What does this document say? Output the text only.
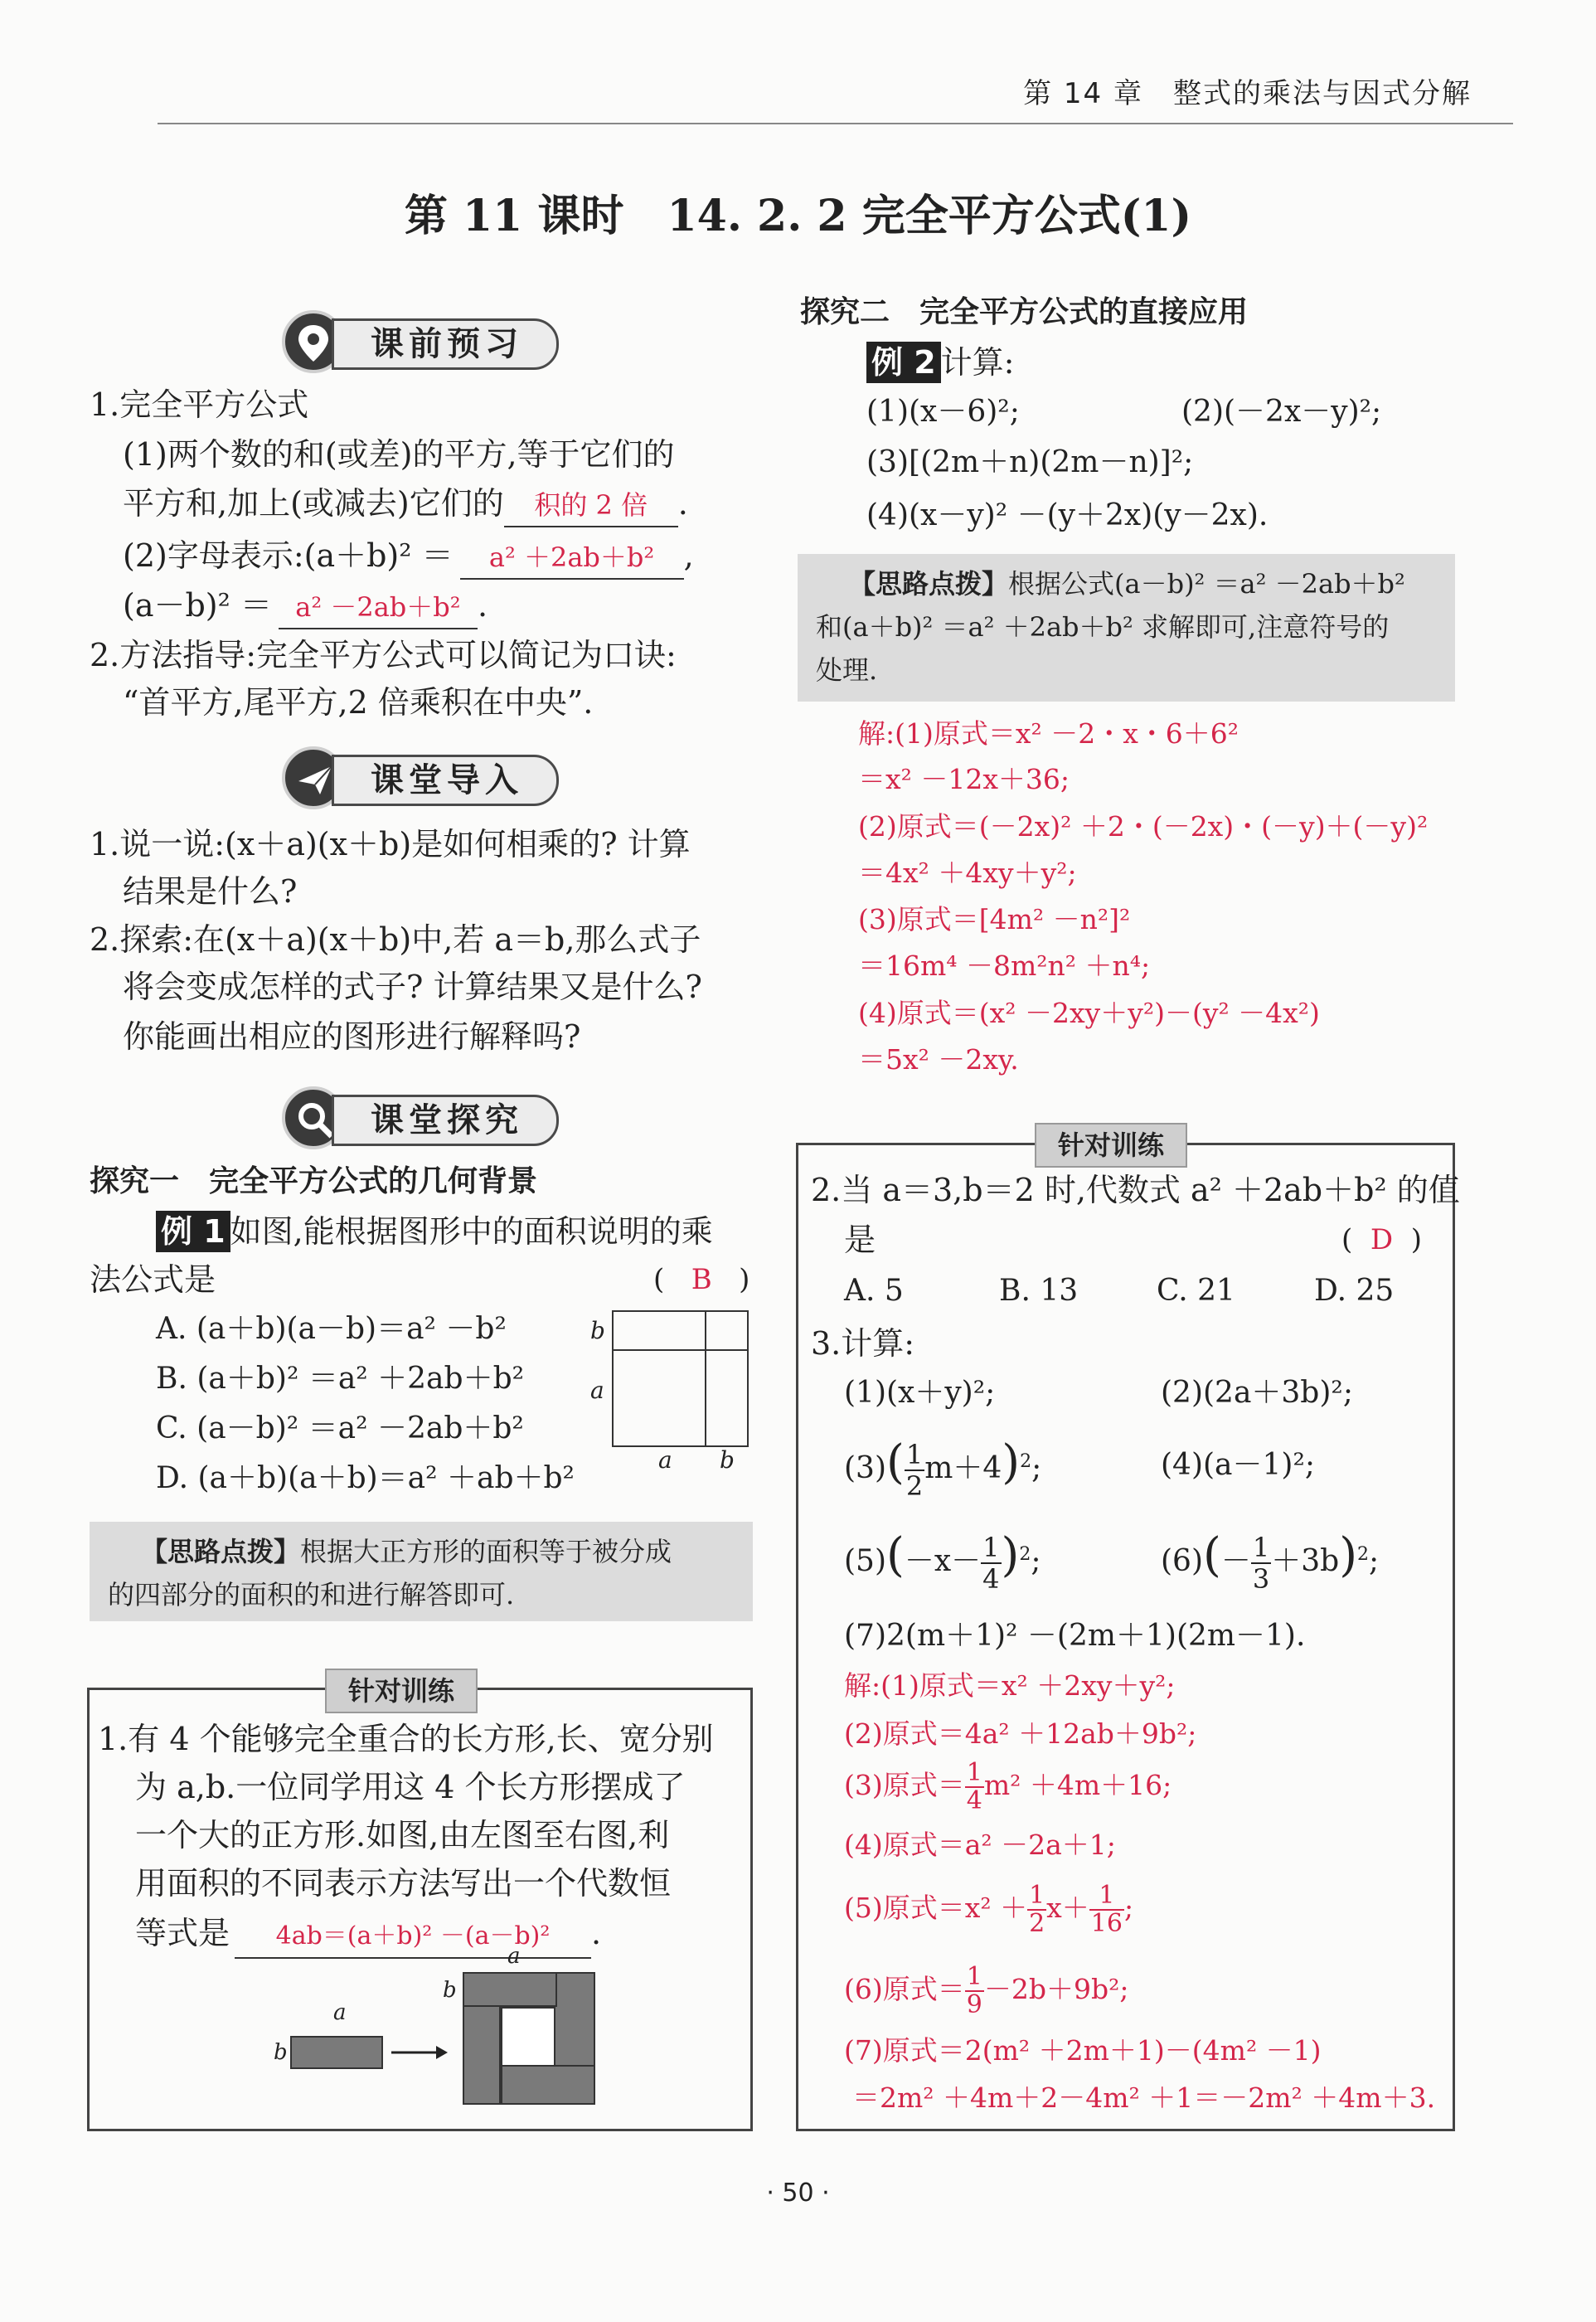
第 14 章　整式的乘法与因式分解
第 11 课时　14. 2. 2 完全平方公式(1)
课前预习
1.完全平方公式
(1)两个数的和(或差)的平方,等于它们的
平方和,加上(或减去)它们的 积的 2 倍 .
(2)字母表示:(a＋b)² ＝ a² ＋2ab＋b² ,
(a－b)² ＝ a² －2ab＋b² .
2.方法指导:完全平方公式可以简记为口诀:
“首平方,尾平方,2 倍乘积在中央”.
课堂导入
1.说一说:(x＋a)(x＋b)是如何相乘的? 计算
结果是什么?
2.探索:在(x＋a)(x＋b)中,若 a＝b,那么式子
将会变成怎样的式子? 计算结果又是什么?
你能画出相应的图形进行解释吗?
课堂探究
探究一　完全平方公式的几何背景
例 1 如图,能根据图形中的面积说明的乘
法公式是	(   B   )
A. (a＋b)(a－b)＝a² －b²
B. (a＋b)² ＝a² ＋2ab＋b²
C. (a－b)² ＝a² －2ab＋b²
D. (a＋b)(a＋b)＝a² ＋ab＋b²
b
a
a b
【思路点拨】根据大正方形的面积等于被分成
的四部分的面积的和进行解答即可.
针对训练
1.有 4 个能够完全重合的长方形,长、宽分别
为 a,b.一位同学用这 4 个长方形摆成了
一个大的正方形.如图,由左图至右图,利
用面积的不同表示方法写出一个代数恒
等式是 4ab＝(a＋b)² －(a－b)² .
a
b
a
b
探究二　完全平方公式的直接应用
例 2 计算:
(1)(x－6)²;	(2)(－2x－y)²;
(3)[(2m＋n)(2m－n)]²;
(4)(x－y)² －(y＋2x)(y－2x).
【思路点拨】根据公式(a－b)² ＝a² －2ab＋b²
和(a＋b)² ＝a² ＋2ab＋b² 求解即可,注意符号的
处理.
解:(1)原式＝x² －2・x・6＋6²
＝x² －12x＋36;
(2)原式＝(－2x)² ＋2・(－2x)・(－y)＋(－y)²
＝4x² ＋4xy＋y²;
(3)原式＝[4m² －n²]²
＝16m⁴ －8m²n² ＋n⁴;
(4)原式＝(x² －2xy＋y²)－(y² －4x²)
＝5x² －2xy.
针对训练
2.当 a＝3,b＝2 时,代数式 a² ＋2ab＋b² 的值
是	(  D  )
A. 5	B. 13	C. 21	D. 25
3.计算:
(1)(x＋y)²;	(2)(2a＋3b)²;
$(3)( \frac{1}{2} m+4)^2$;	(4)(a－1)²;
$(5)(-x- \frac{1}{4} )^2$;	$(6)(- \frac{1}{3} +3b)^2$;
(7)2(m＋1)² －(2m＋1)(2m－1).
解:(1)原式＝x² ＋2xy＋y²;
(2)原式＝4a² ＋12ab＋9b²;
(3)原式＝ $\frac{1}{4} m^2 +4m+16$;
(4)原式＝a² －2a＋1;
(5)原式$=x^2 + \frac{1}{2} x+ \frac{1}{16}$ ;
(6)原式＝ $\frac{1}{9} -2b+9b^2$;
(7)原式＝2(m² ＋2m＋1)－(4m² －1)
＝2m² ＋4m＋2－4m² ＋1＝－2m² ＋4m＋3.
· 50 ·
